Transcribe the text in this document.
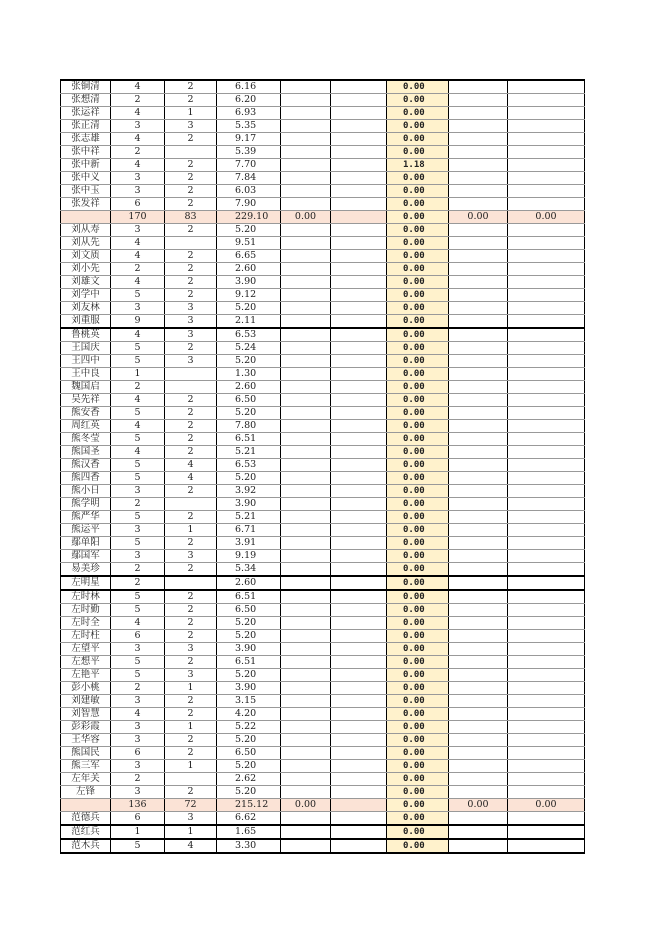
张铜清	4	2	6.16			0.00		
张想清	2	2	6.20			0.00		
张运祥	4	1	6.93			0.00		
张正清	3	3	5.35			0.00		
张志雄	4	2	9.17			0.00		
张中祥	2		5.39			0.00		
张中新	4	2	7.70			1.18		
张中义	3	2	7.84			0.00		
张中玉	3	2	6.03			0.00		
张发祥	6	2	7.90			0.00		
	170	83	229.10	0.00		0.00	0.00	0.00
刘从寿	3	2	5.20			0.00		
刘从先	4		9.51			0.00		
刘文质	4	2	6.65			0.00		
刘小先	2	2	2.60			0.00		
刘雄文	4	2	3.90			0.00		
刘学中	5	2	9.12			0.00		
刘友林	3	3	5.20			0.00		
刘重服	9	3	2.11			0.00		
鲁桃英	4	3	6.53			0.00		
王国庆	5	2	5.24			0.00		
王四中	5	3	5.20			0.00		
王中良	1		1.30			0.00		
魏国启	2		2.60			0.00		
吴先祥	4	2	6.50			0.00		
熊安香	5	2	5.20			0.00		
周红英	4	2	7.80			0.00		
熊冬莹	5	2	6.51			0.00		
熊国圣	4	2	5.21			0.00		
熊汉香	5	4	6.53			0.00		
熊四香	5	4	5.20			0.00		
熊小日	3	2	3.92			0.00		
熊学明	2		3.90			0.00		
熊严华	5	2	5.21			0.00		
熊运平	3	1	6.71			0.00		
鄢单阳	5	2	3.91			0.00		
鄢国军	3	3	9.19			0.00		
易美珍	2	2	5.34			0.00		
左明星	2		2.60			0.00		
左时林	5	2	6.51			0.00		
左时勤	5	2	6.50			0.00		
左时全	4	2	5.20			0.00		
左时柱	6	2	5.20			0.00		
左望平	3	3	3.90			0.00		
左想平	5	2	6.51			0.00		
左艳平	5	3	5.20			0.00		
彭小桃	2	1	3.90			0.00		
刘建敏	3	2	3.15			0.00		
刘智慧	4	2	4.20			0.00		
彭彩霞	3	1	5.22			0.00		
王华容	3	2	5.20			0.00		
熊国民	6	2	6.50			0.00		
熊三军	3	1	5.20			0.00		
左年关	2		2.62			0.00		
左锋	3	2	5.20			0.00		
	136	72	215.12	0.00		0.00	0.00	0.00
范德兵	6	3	6.62			0.00		
范红兵	1	1	1.65			0.00		
范木兵	5	4	3.30			0.00		
